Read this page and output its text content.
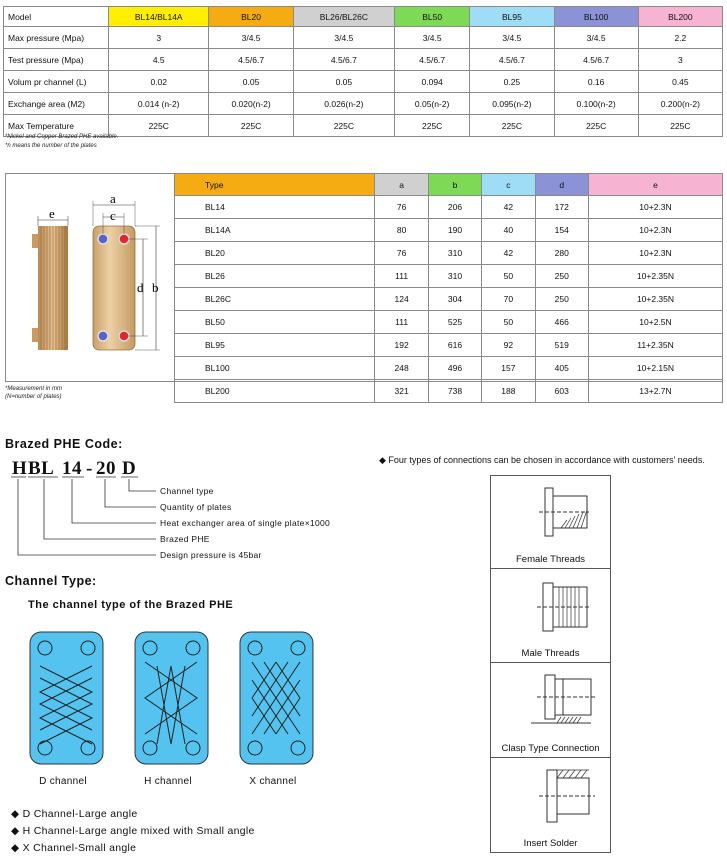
Model	BL14/BL14A	BL20	BL26/BL26C	BL50	BL95	BL100	BL200
Max pressure (Mpa)	3	3/4.5	3/4.5	3/4.5	3/4.5	3/4.5	2.2
Test pressure (Mpa)	4.5	4.5/6.7	4.5/6.7	4.5/6.7	4.5/6.7	4.5/6.7	3
Volum pr channel (L)	0.02	0.05	0.05	0.094	0.25	0.16	0.45
Exchange area (M2)	0.014 (n-2)	0.020(n-2)	0.026(n-2)	0.05(n-2)	0.095(n-2)	0.100(n-2)	0.200(n-2)
Max Temperature	225C	225C	225C	225C	225C	225C	225C
*Nickel and Copper Brazed PHE available.
*n means the number of the plates
e
a
c
d b
Type	a	b	c	d	e
BL14	76	206	42	172	10+2.3N
BL14A	80	190	40	154	10+2.3N
BL20	76	310	42	280	10+2.3N
BL26	111	310	50	250	10+2.35N
BL26C	124	304	70	250	10+2.35N
BL50	111	525	50	466	10+2.5N
BL95	192	616	92	519	11+2.35N
BL100	248	496	157	405	10+2.15N
BL200	321	738	188	603	13+2.7N
*Measurement in mm
(N=number of plates)
Brazed PHE Code:
H BL 14 - 20 D
Channel type
Quantity of plates
Heat exchanger area of single plate×1000
Brazed PHE
Design pressure is 45bar
Channel Type:
The channel type of the Brazed PHE
D channel	H channel	X channel
◆ D Channel-Large angle
◆ H Channel-Large angle mixed with Small angle
◆ X Channel-Small angle
◆ Four types of connections can be chosen in accordance with customers' needs.
Female Threads
Male Threads
Clasp Type Connection
Insert Solder
